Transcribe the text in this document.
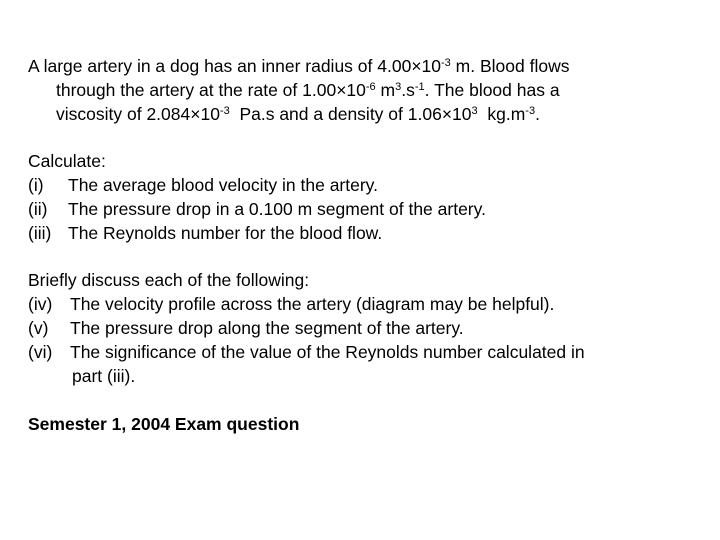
A large artery in a dog has an inner radius of $4.00\times 10^{-3}$ m. Blood flows
through the artery at the rate of $1.00\times 10^{-6}$ $m^3.s^{-1}$. The blood has a
viscosity of $2.084\times 10^{-3}$  Pa.s and a density of $1.06\times 10^3$  $kg.m^{-3}$.
Calculate:
(i) The average blood velocity in the artery.
(ii) The pressure drop in a 0.100 m segment of the artery.
(iii) The Reynolds number for the blood flow.
Briefly discuss each of the following:
(iv) The velocity profile across the artery (diagram may be helpful).
(v) The pressure drop along the segment of the artery.
(vi) The significance of the value of the Reynolds number calculated in
part (iii).
Semester 1, 2004 Exam question
